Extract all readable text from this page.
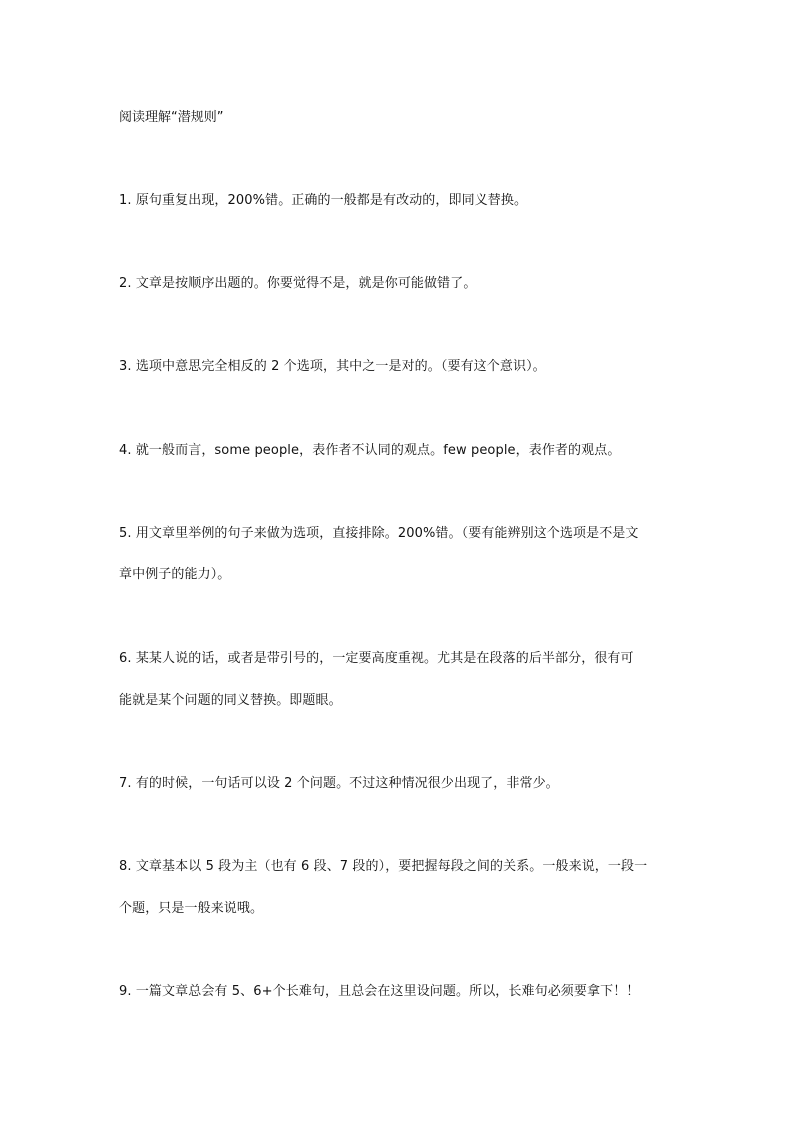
阅读理解“潜规则”
1. 原句重复出现，200%错。正确的一般都是有改动的，即同义替换。
2. 文章是按顺序出题的。你要觉得不是，就是你可能做错了。
3. 选项中意思完全相反的 2 个选项，其中之一是对的。（要有这个意识）。
4. 就一般而言，some people，表作者不认同的观点。few people，表作者的观点。
5. 用文章里举例的句子来做为选项，直接排除。200%错。（要有能辨别这个选项是不是文
章中例子的能力）。
6. 某某人说的话，或者是带引号的，一定要高度重视。尤其是在段落的后半部分，很有可
能就是某个问题的同义替换。即题眼。
7. 有的时候，一句话可以设 2 个问题。不过这种情况很少出现了，非常少。
8. 文章基本以 5 段为主（也有 6 段、7 段的），要把握每段之间的关系。一般来说，一段一
个题，只是一般来说哦。
9. 一篇文章总会有 5、6+个长难句，且总会在这里设问题。所以，长难句必须要拿下！！
